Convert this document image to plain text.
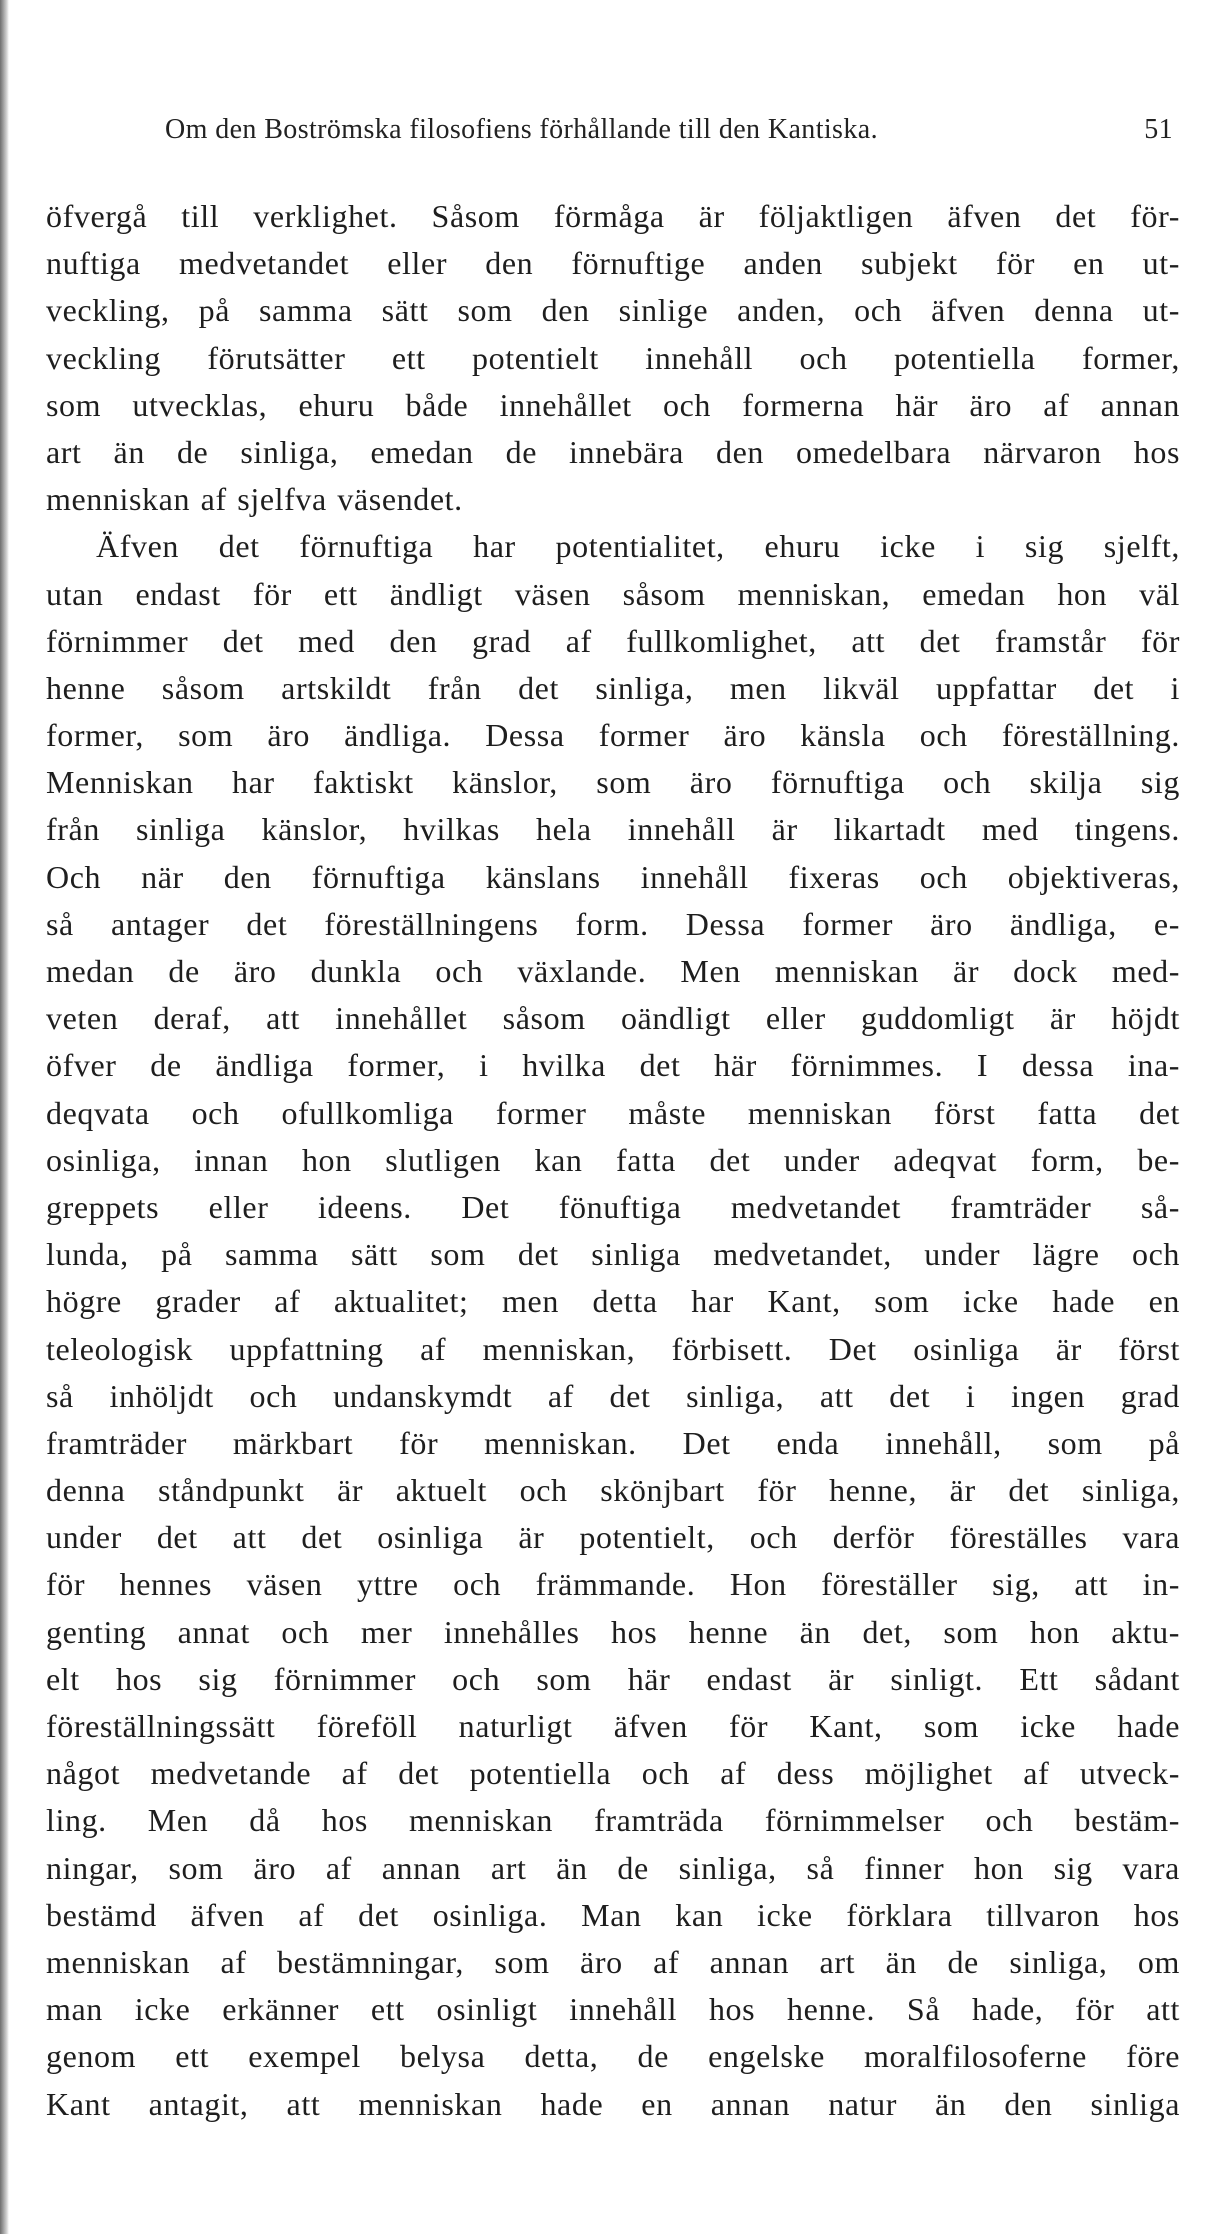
Om den Boströmska filosofiens förhållande till den Kantiska.	51
öfvergå till verklighet. Såsom förmåga är följaktligen äfven det för-
nuftiga medvetandet eller den förnuftige anden subjekt för en ut-
veckling, på samma sätt som den sinlige anden, och äfven denna ut-
veckling förutsätter ett potentielt innehåll och potentiella former,
som utvecklas, ehuru både innehållet och formerna här äro af annan
art än de sinliga, emedan de innebära den omedelbara närvaron hos
menniskan af sjelfva väsendet.
Äfven det förnuftiga har potentialitet, ehuru icke i sig sjelft,
utan endast för ett ändligt väsen såsom menniskan, emedan hon väl
förnimmer det med den grad af fullkomlighet, att det framstår för
henne såsom artskildt från det sinliga, men likväl uppfattar det i
former, som äro ändliga. Dessa former äro känsla och föreställning.
Menniskan har faktiskt känslor, som äro förnuftiga och skilja sig
från sinliga känslor, hvilkas hela innehåll är likartadt med tingens.
Och när den förnuftiga känslans innehåll fixeras och objektiveras,
så antager det föreställningens form. Dessa former äro ändliga, e-
medan de äro dunkla och växlande. Men menniskan är dock med-
veten deraf, att innehållet såsom oändligt eller guddomligt är höjdt
öfver de ändliga former, i hvilka det här förnimmes. I dessa ina-
deqvata och ofullkomliga former måste menniskan först fatta det
osinliga, innan hon slutligen kan fatta det under adeqvat form, be-
greppets eller ideens. Det fönuftiga medvetandet framträder så-
lunda, på samma sätt som det sinliga medvetandet, under lägre och
högre grader af aktualitet; men detta har Kant, som icke hade en
teleologisk uppfattning af menniskan, förbisett. Det osinliga är först
så inhöljdt och undanskymdt af det sinliga, att det i ingen grad
framträder märkbart för menniskan. Det enda innehåll, som på
denna ståndpunkt är aktuelt och skönjbart för henne, är det sinliga,
under det att det osinliga är potentielt, och derför föreställes vara
för hennes väsen yttre och främmande. Hon föreställer sig, att in-
genting annat och mer innehålles hos henne än det, som hon aktu-
elt hos sig förnimmer och som här endast är sinligt. Ett sådant
föreställningssätt föreföll naturligt äfven för Kant, som icke hade
något medvetande af det potentiella och af dess möjlighet af utveck-
ling. Men då hos menniskan framträda förnimmelser och bestäm-
ningar, som äro af annan art än de sinliga, så finner hon sig vara
bestämd äfven af det osinliga. Man kan icke förklara tillvaron hos
menniskan af bestämningar, som äro af annan art än de sinliga, om
man icke erkänner ett osinligt innehåll hos henne. Så hade, för att
genom ett exempel belysa detta, de engelske moralfilosoferne före
Kant antagit, att menniskan hade en annan natur än den sinliga
